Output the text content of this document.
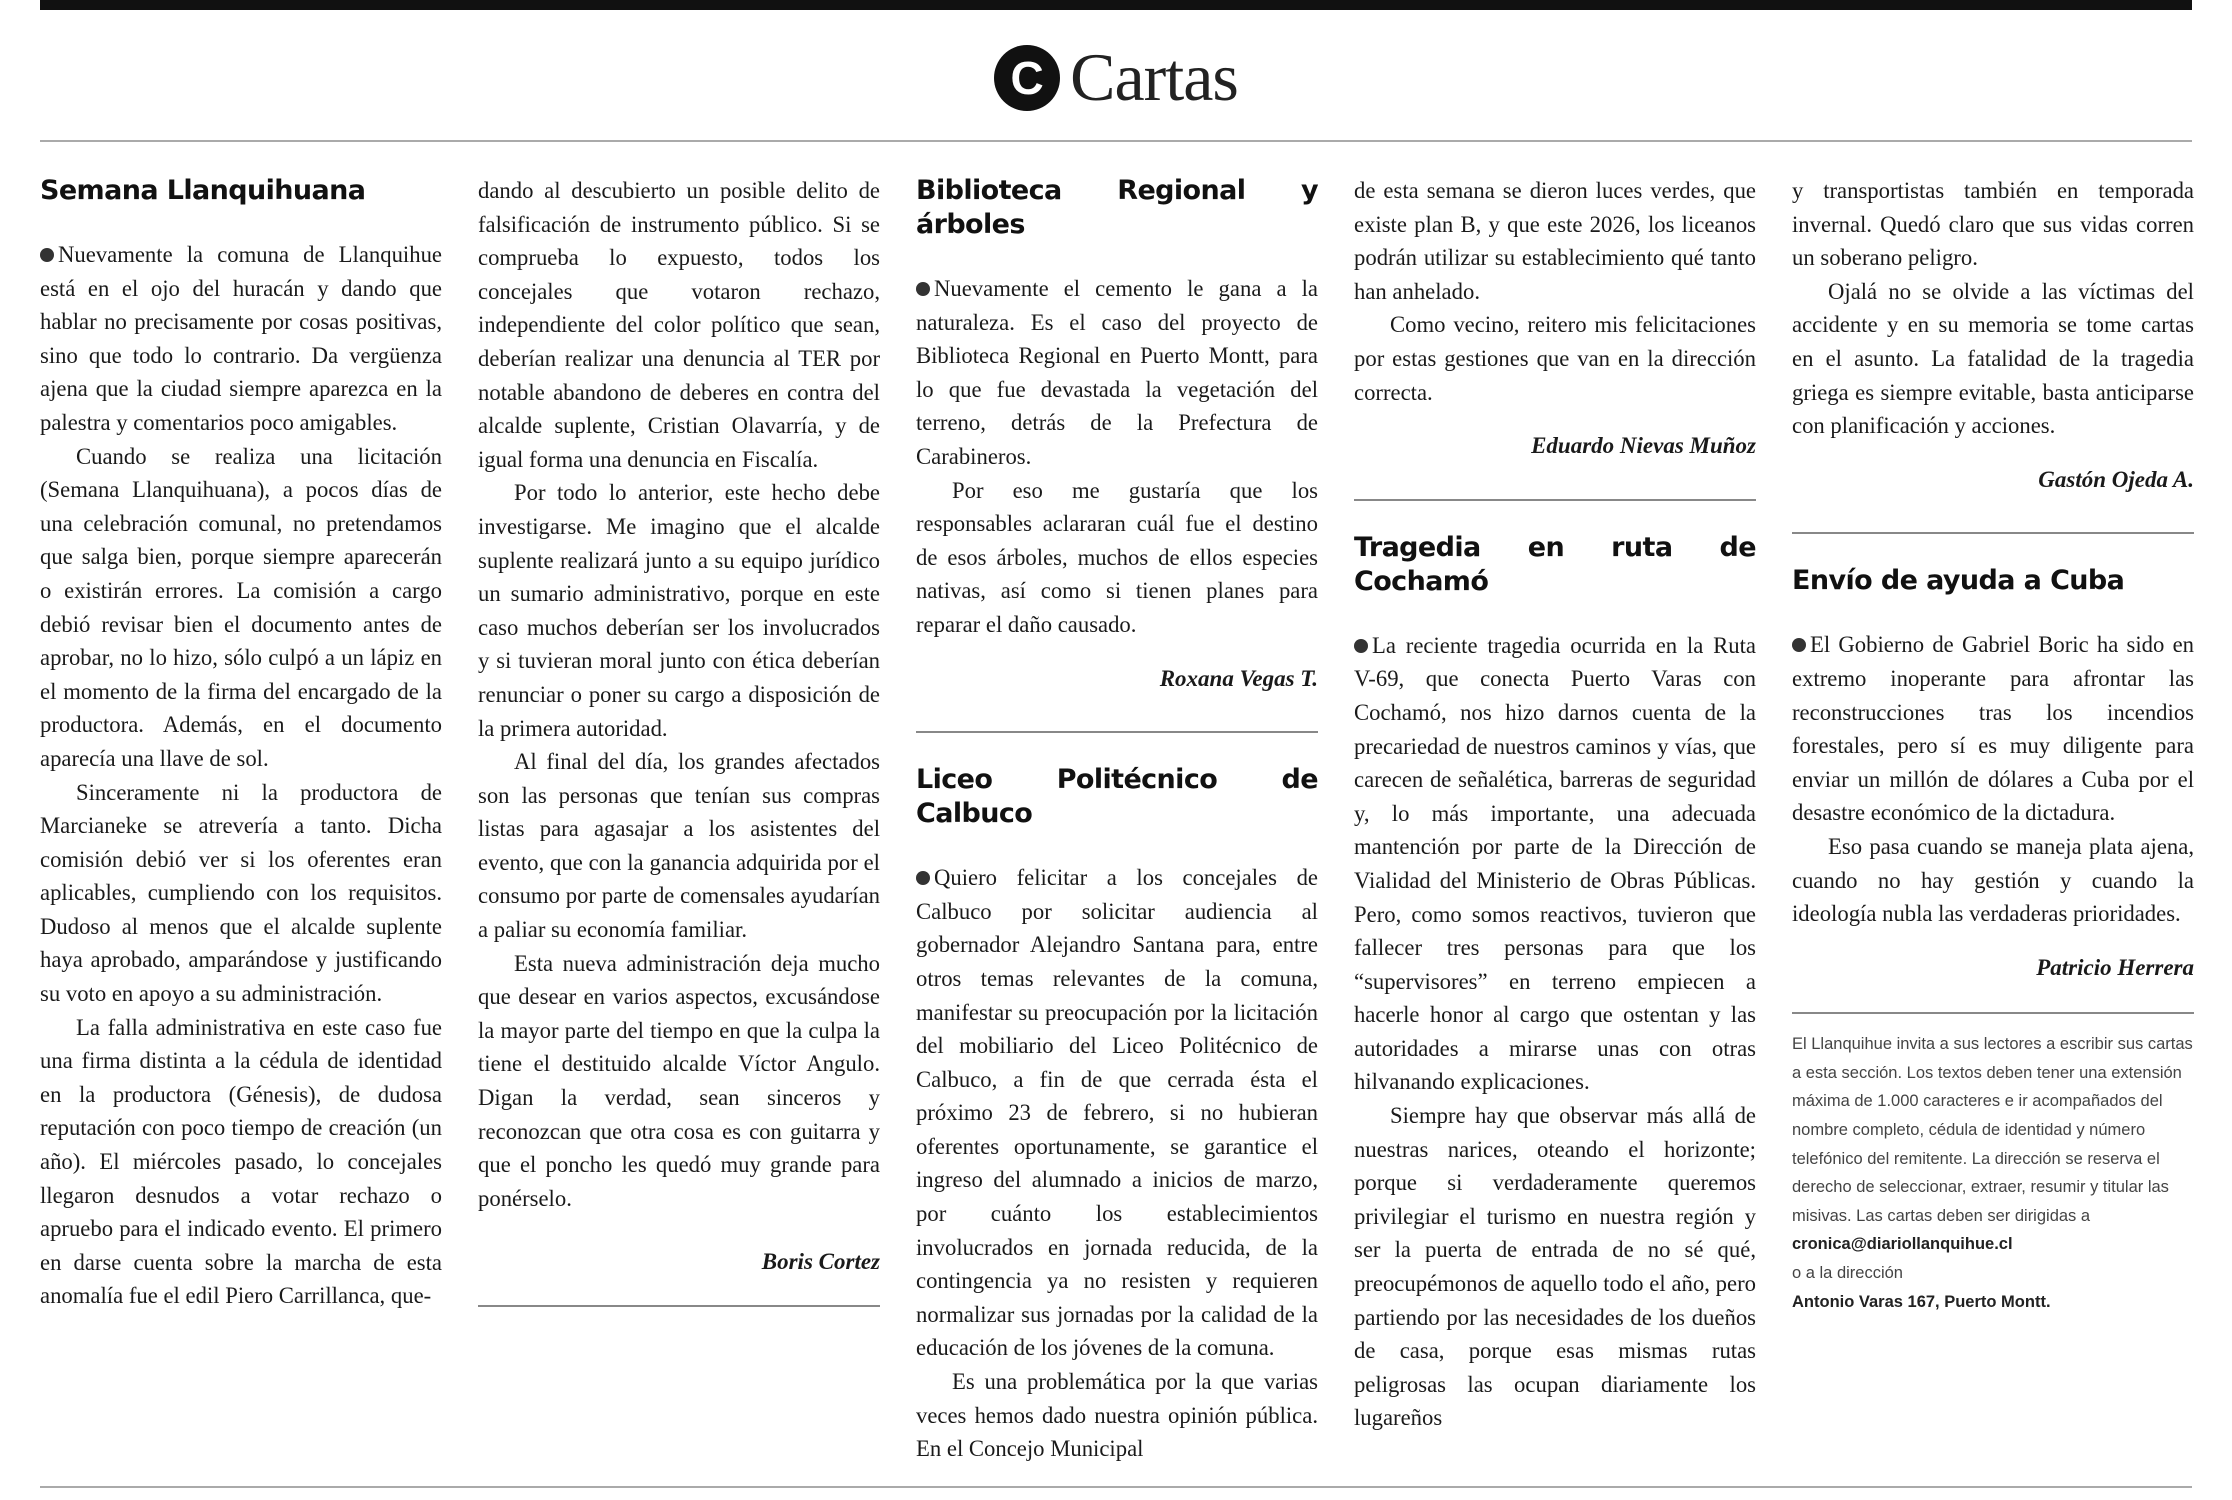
C Cartas
Semana Llanquihuana

Nuevamente la comuna de Llanquihue está en el ojo del huracán y dando que hablar no precisamente por cosas positivas, sino que todo lo contrario. Da vergüenza ajena que la ciudad siempre aparezca en la palestra y comentarios poco amigables.

Cuando se realiza una licitación (Semana Llanquihuana), a pocos días de una celebración comunal, no pretendamos que salga bien, porque siempre aparecerán o existirán errores. La comisión a cargo debió revisar bien el documento antes de aprobar, no lo hizo, sólo culpó a un lápiz en el momento de la firma del encargado de la productora. Además, en el documento aparecía una llave de sol.

Sinceramente ni la productora de Marcianeke se atrevería a tanto. Dicha comisión debió ver si los oferentes eran aplicables, cumpliendo con los requisitos. Dudoso al menos que el alcalde suplente haya aprobado, amparándose y justificando su voto en apoyo a su administración.

La falla administrativa en este caso fue una firma distinta a la cédula de identidad en la productora (Génesis), de dudosa reputación con poco tiempo de creación (un año). El miércoles pasado, lo concejales llegaron desnudos a votar rechazo o apruebo para el indicado evento. El primero en darse cuenta sobre la marcha de esta anomalía fue el edil Piero Carrillanca, que-

dando al descubierto un posible delito de falsificación de instrumento público. Si se comprueba lo expuesto, todos los concejales que votaron rechazo, independiente del color político que sean, deberían realizar una denuncia al TER por notable abandono de deberes en contra del alcalde suplente, Cristian Olavarría, y de igual forma una denuncia en Fiscalía.

Por todo lo anterior, este hecho debe investigarse. Me imagino que el alcalde suplente realizará junto a su equipo jurídico un sumario administrativo, porque en este caso muchos deberían ser los involucrados y si tuvieran moral junto con ética deberían renunciar o poner su cargo a disposición de la primera autoridad.

Al final del día, los grandes afectados son las personas que tenían sus compras listas para agasajar a los asistentes del evento, que con la ganancia adquirida por el consumo por parte de comensales ayudarían a paliar su economía familiar.

Esta nueva administración deja mucho que desear en varios aspectos, excusándose la mayor parte del tiempo en que la culpa la tiene el destituido alcalde Víctor Angulo. Digan la verdad, sean sinceros y reconozcan que otra cosa es con guitarra y que el poncho les quedó muy grande para ponérselo.

Boris Cortez
Biblioteca Regional y árboles

Nuevamente el cemento le gana a la naturaleza. Es el caso del proyecto de Biblioteca Regional en Puerto Montt, para lo que fue devastada la vegetación del terreno, detrás de la Prefectura de Carabineros.

Por eso me gustaría que los responsables aclararan cuál fue el destino de esos árboles, muchos de ellos especies nativas, así como si tienen planes para reparar el daño causado.

Roxana Vegas T.
Liceo Politécnico de Calbuco

Quiero felicitar a los concejales de Calbuco por solicitar audiencia al gobernador Alejandro Santana para, entre otros temas relevantes de la comuna, manifestar su preocupación por la licitación del mobiliario del Liceo Politécnico de Calbuco, a fin de que cerrada ésta el próximo 23 de febrero, si no hubieran oferentes oportunamente, se garantice el ingreso del alumnado a inicios de marzo, por cuánto los establecimientos involucrados en jornada reducida, de la contingencia ya no resisten y requieren normalizar sus jornadas por la calidad de la educación de los jóvenes de la comuna.

Es una problemática por la que varias veces hemos dado nuestra opinión pública. En el Concejo Municipal

de esta semana se dieron luces verdes, que existe plan B, y que este 2026, los liceanos podrán utilizar su establecimiento qué tanto han anhelado.

Como vecino, reitero mis felicitaciones por estas gestiones que van en la dirección correcta.

Eduardo Nievas Muñoz
Tragedia en ruta de Cochamó

La reciente tragedia ocurrida en la Ruta V-69, que conecta Puerto Varas con Cochamó, nos hizo darnos cuenta de la precariedad de nuestros caminos y vías, que carecen de señalética, barreras de seguridad y, lo más importante, una adecuada mantención por parte de la Dirección de Vialidad del Ministerio de Obras Públicas. Pero, como somos reactivos, tuvieron que fallecer tres personas para que los “supervisores” en terreno empiecen a hacerle honor al cargo que ostentan y las autoridades a mirarse unas con otras hilvanando explicaciones.

Siempre hay que observar más allá de nuestras narices, oteando el horizonte; porque si verdaderamente queremos privilegiar el turismo en nuestra región y ser la puerta de entrada de no sé qué, preocupémonos de aquello todo el año, pero partiendo por las necesidades de los dueños de casa, porque esas mismas rutas peligrosas las ocupan diariamente los lugareños

y transportistas también en temporada invernal. Quedó claro que sus vidas corren un soberano peligro.

Ojalá no se olvide a las víctimas del accidente y en su memoria se tome cartas en el asunto. La fatalidad de la tragedia griega es siempre evitable, basta anticiparse con planificación y acciones.

Gastón Ojeda A.
Envío de ayuda a Cuba

El Gobierno de Gabriel Boric ha sido en extremo inoperante para afrontar las reconstrucciones tras los incendios forestales, pero sí es muy diligente para enviar un millón de dólares a Cuba por el desastre económico de la dictadura.

Eso pasa cuando se maneja plata ajena, cuando no hay gestión y cuando la ideología nubla las verdaderas prioridades.

Patricio Herrera
El Llanquihue invita a sus lectores a escribir sus cartas a esta sección. Los textos deben tener una extensión máxima de 1.000 caracteres e ir acompañados del nombre completo, cédula de identidad y número telefónico del remitente. La dirección se reserva el derecho de seleccionar, extraer, resumir y titular las misivas. Las cartas deben ser dirigidas a
cronica@diariollanquihue.cl
o a la dirección
Antonio Varas 167, Puerto Montt.
